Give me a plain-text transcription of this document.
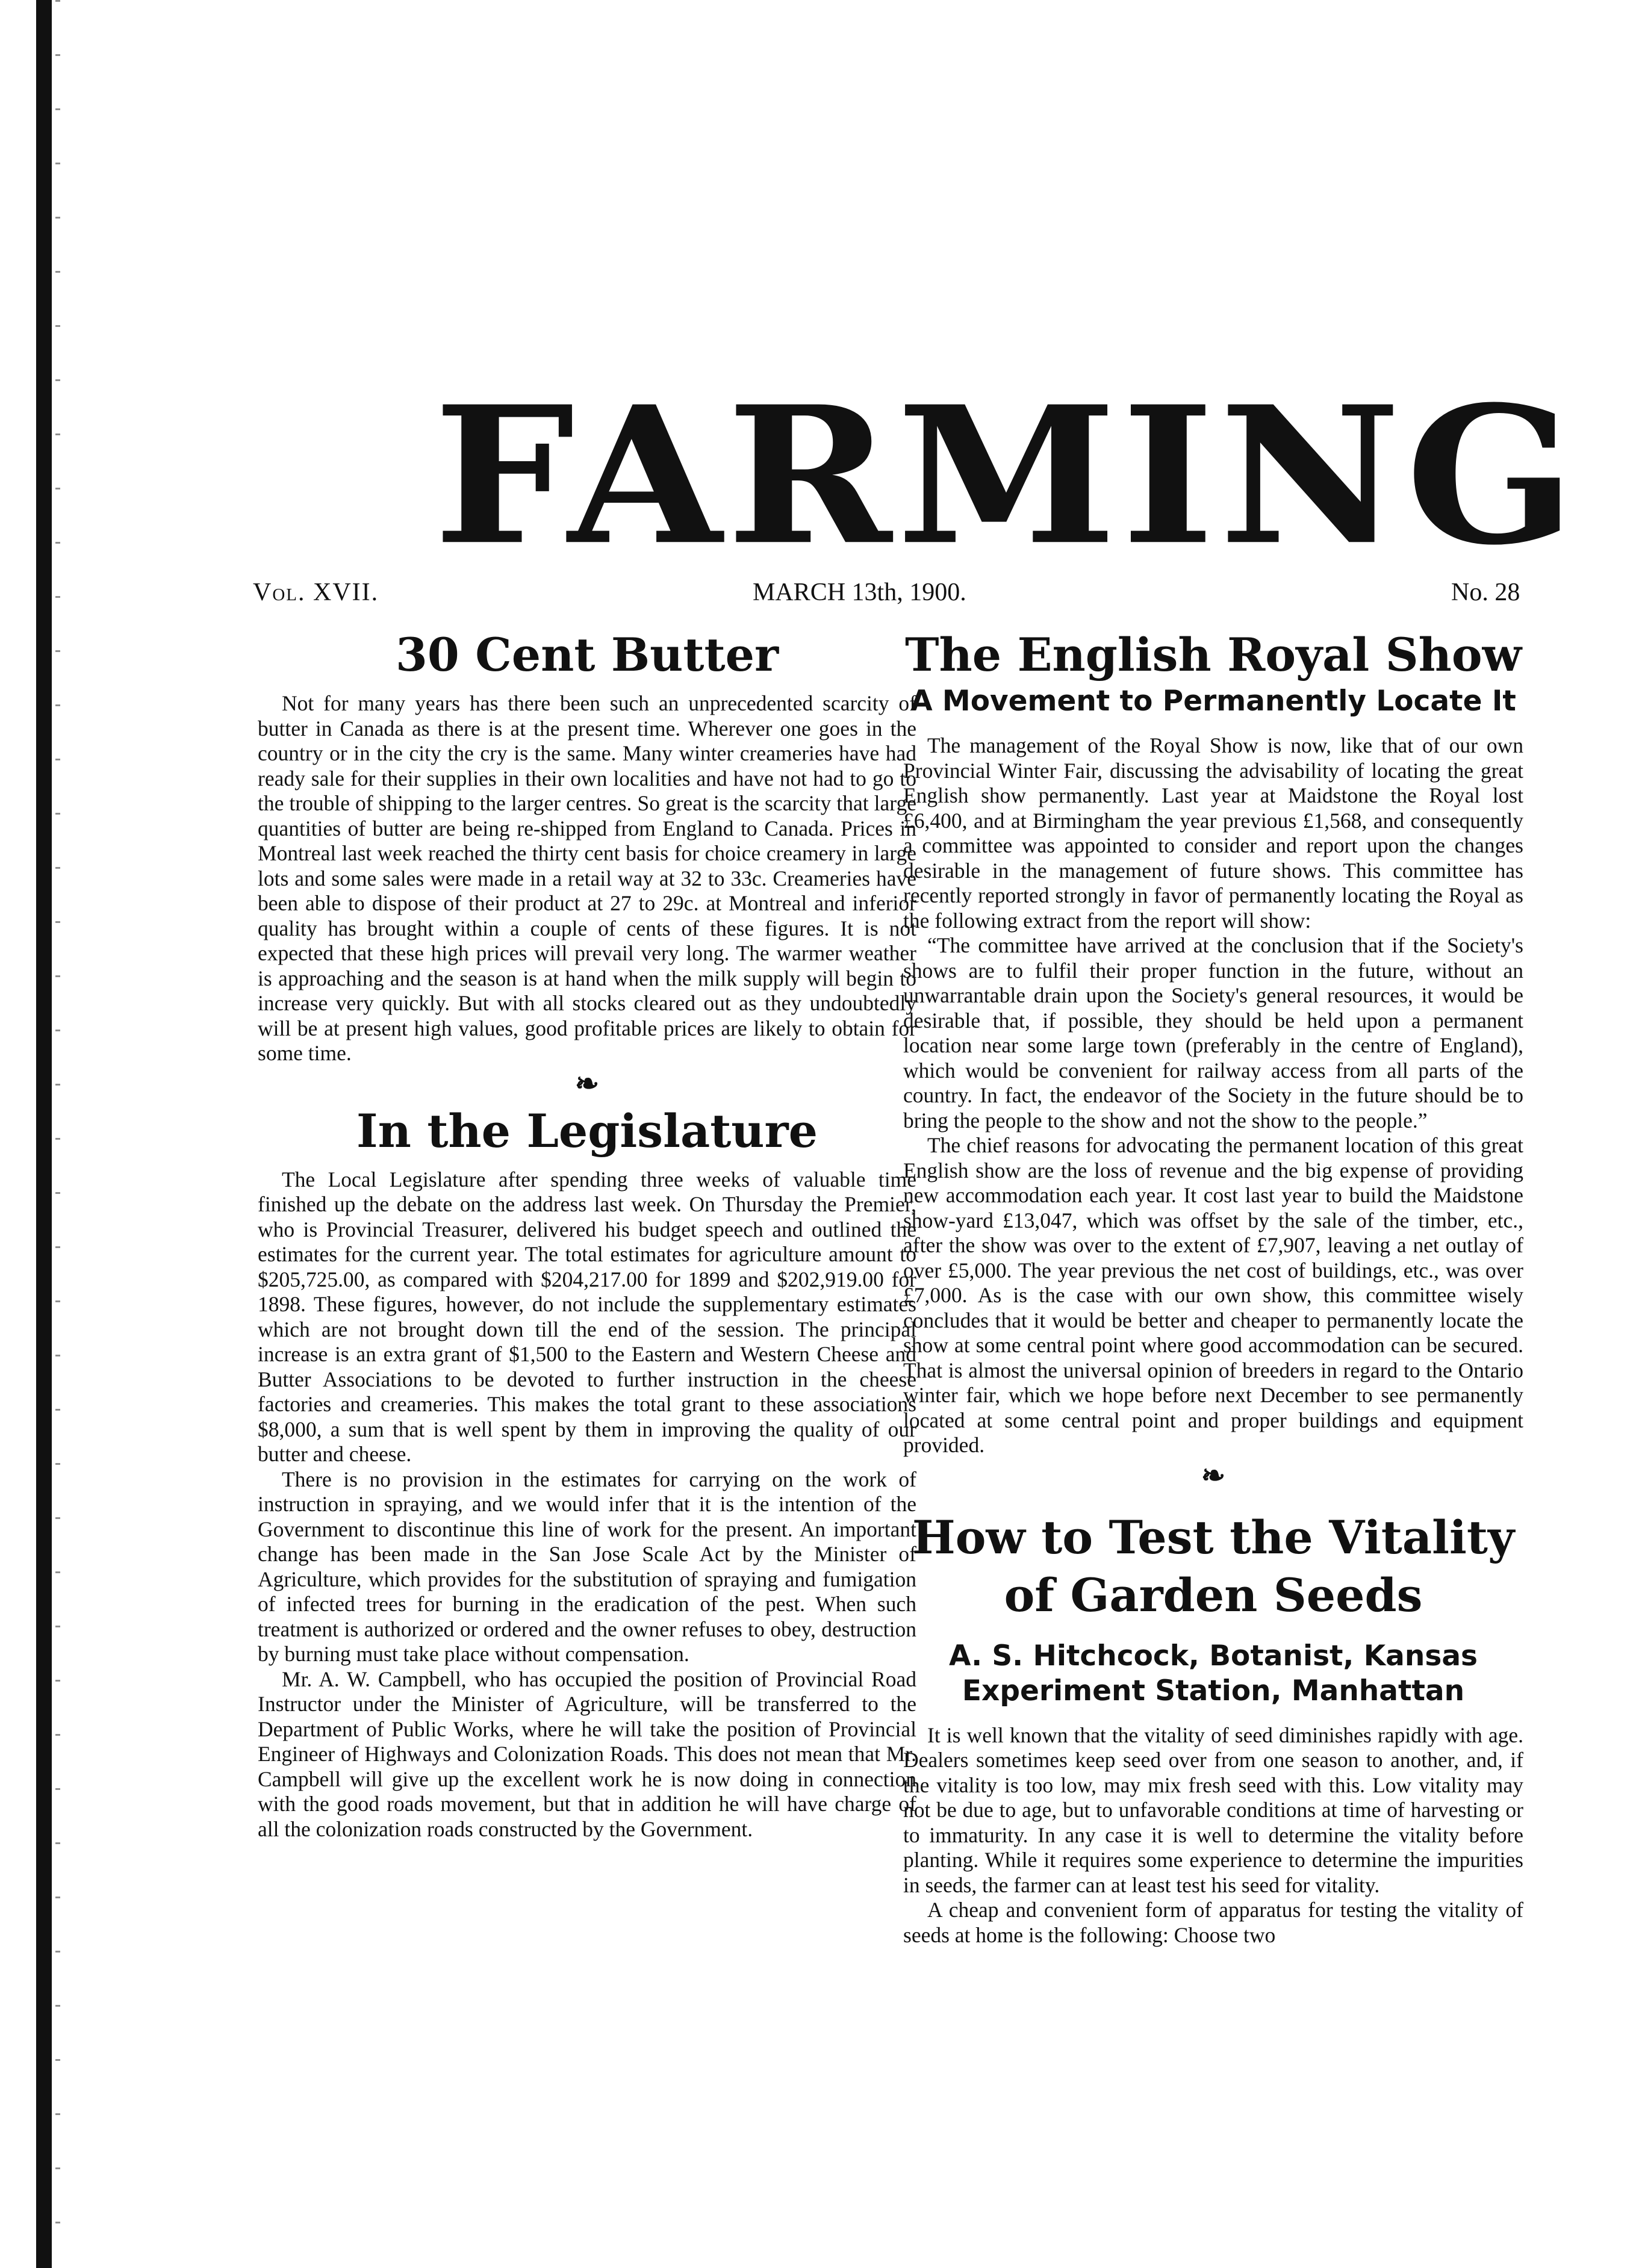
FARMING
Vol. XVII.	MARCH 13th, 1900.	No. 28
30 Cent Butter

Not for many years has there been such an unprecedented scarcity of butter in Canada as there is at the present time. Wherever one goes in the country or in the city the cry is the same. Many winter creameries have had ready sale for their supplies in their own localities and have not had to go to the trouble of shipping to the larger centres. So great is the scarcity that large quantities of butter are being re-shipped from England to Canada. Prices in Montreal last week reached the thirty cent basis for choice creamery in large lots and some sales were made in a retail way at 32 to 33c. Creameries have been able to dispose of their product at 27 to 29c. at Montreal and inferior quality has brought within a couple of cents of these figures. It is not expected that these high prices will prevail very long. The warmer weather is approaching and the season is at hand when the milk supply will begin to increase very quickly. But with all stocks cleared out as they undoubtedly will be at present high values, good profitable prices are likely to obtain for some time.

❧
In the Legislature

The Local Legislature after spending three weeks of valuable time finished up the debate on the address last week. On Thursday the Premier, who is Provincial Treasurer, delivered his budget speech and outlined the estimates for the current year. The total estimates for agriculture amount to $205,725.00, as compared with $204,217.00 for 1899 and $202,919.00 for 1898. These figures, however, do not include the supplementary estimates which are not brought down till the end of the session. The principal increase is an extra grant of $1,500 to the Eastern and Western Cheese and Butter Associations to be devoted to further instruction in the cheese factories and creameries. This makes the total grant to these associations $8,000, a sum that is well spent by them in improving the quality of our butter and cheese.

There is no provision in the estimates for carrying on the work of instruction in spraying, and we would infer that it is the intention of the Government to discontinue this line of work for the present. An important change has been made in the San Jose Scale Act by the Minister of Agriculture, which provides for the substitution of spraying and fumigation of infected trees for burning in the eradication of the pest. When such treatment is authorized or ordered and the owner refuses to obey, destruction by burning must take place without compensation.

Mr. A. W. Campbell, who has occupied the position of Provincial Road Instructor under the Minister of Agriculture, will be transferred to the Department of Public Works, where he will take the position of Provincial Engineer of Highways and Colonization Roads. This does not mean that Mr. Campbell will give up the excellent work he is now doing in connection with the good roads movement, but that in addition he will have charge of all the colonization roads constructed by the Government.

The English Royal Show
A Movement to Permanently Locate It

The management of the Royal Show is now, like that of our own Provincial Winter Fair, discussing the advisability of locating the great English show permanently. Last year at Maidstone the Royal lost £6,400, and at Birmingham the year previous £1,568, and consequently a committee was appointed to consider and report upon the changes desirable in the management of future shows. This committee has recently reported strongly in favor of permanently locating the Royal as the following extract from the report will show:

“The committee have arrived at the conclusion that if the Society's shows are to fulfil their proper function in the future, without an unwarrantable drain upon the Society's general resources, it would be desirable that, if possible, they should be held upon a permanent location near some large town (preferably in the centre of England), which would be convenient for railway access from all parts of the country. In fact, the endeavor of the Society in the future should be to bring the people to the show and not the show to the people.”

The chief reasons for advocating the permanent location of this great English show are the loss of revenue and the big expense of providing new accommodation each year. It cost last year to build the Maidstone show-yard £13,047, which was offset by the sale of the timber, etc., after the show was over to the extent of £7,907, leaving a net outlay of over £5,000. The year previous the net cost of buildings, etc., was over £7,000. As is the case with our own show, this committee wisely concludes that it would be better and cheaper to permanently locate the show at some central point where good accommodation can be secured. That is almost the universal opinion of breeders in regard to the Ontario winter fair, which we hope before next December to see permanently located at some central point and proper buildings and equipment provided.

❧
How to Test the Vitality of Garden Seeds
A. S. Hitchcock, Botanist, Kansas Experiment Station, Manhattan

It is well known that the vitality of seed diminishes rapidly with age. Dealers sometimes keep seed over from one season to another, and, if the vitality is too low, may mix fresh seed with this. Low vitality may not be due to age, but to unfavorable conditions at time of harvesting or to immaturity. In any case it is well to determine the vitality before planting. While it requires some experience to determine the impurities in seeds, the farmer can at least test his seed for vitality.

A cheap and convenient form of apparatus for testing the vitality of seeds at home is the following: Choose two
